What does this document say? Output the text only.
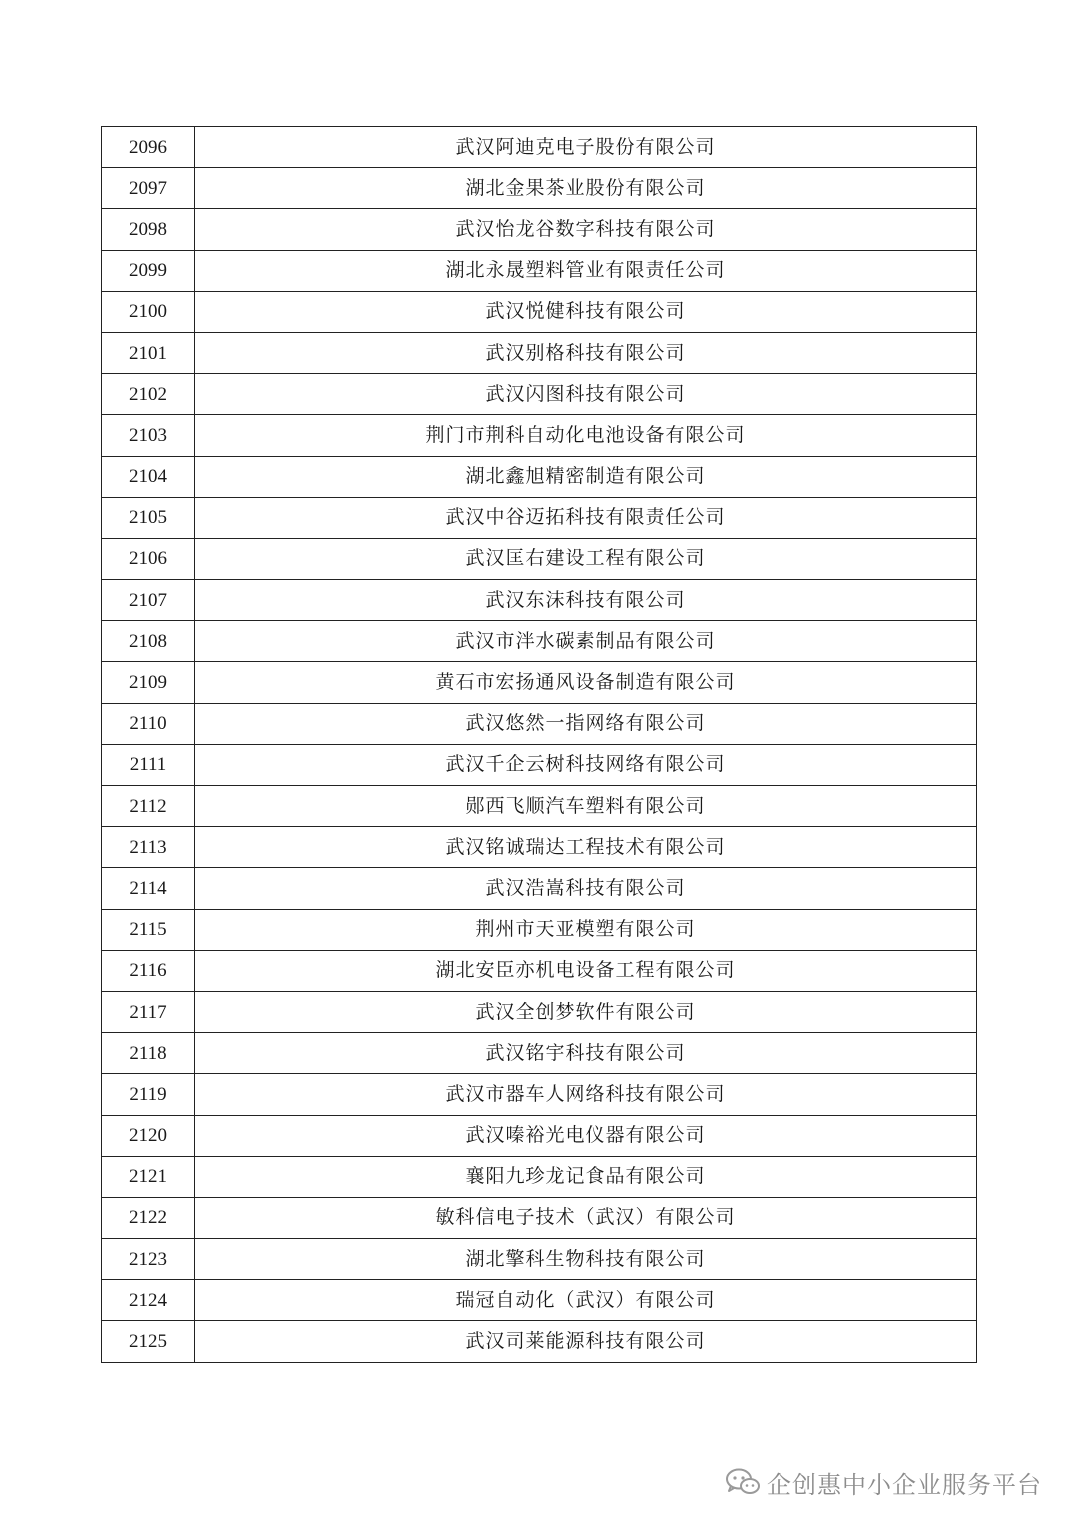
2096	武汉阿迪克电子股份有限公司
2097	湖北金果茶业股份有限公司
2098	武汉怡龙谷数字科技有限公司
2099	湖北永晟塑料管业有限责任公司
2100	武汉悦健科技有限公司
2101	武汉别格科技有限公司
2102	武汉闪图科技有限公司
2103	荆门市荆科自动化电池设备有限公司
2104	湖北鑫旭精密制造有限公司
2105	武汉中谷迈拓科技有限责任公司
2106	武汉匡右建设工程有限公司
2107	武汉东沫科技有限公司
2108	武汉市泮水碳素制品有限公司
2109	黄石市宏扬通风设备制造有限公司
2110	武汉悠然一指网络有限公司
2111	武汉千企云树科技网络有限公司
2112	郧西飞顺汽车塑料有限公司
2113	武汉铭诚瑞达工程技术有限公司
2114	武汉浩嵩科技有限公司
2115	荆州市天亚模塑有限公司
2116	湖北安臣亦机电设备工程有限公司
2117	武汉全创梦软件有限公司
2118	武汉铭宇科技有限公司
2119	武汉市器车人网络科技有限公司
2120	武汉嗪裕光电仪器有限公司
2121	襄阳九珍龙记食品有限公司
2122	敏科信电子技术（武汉）有限公司
2123	湖北擎科生物科技有限公司
2124	瑞冠自动化（武汉）有限公司
2125	武汉司莱能源科技有限公司
企创惠中小企业服务平台
